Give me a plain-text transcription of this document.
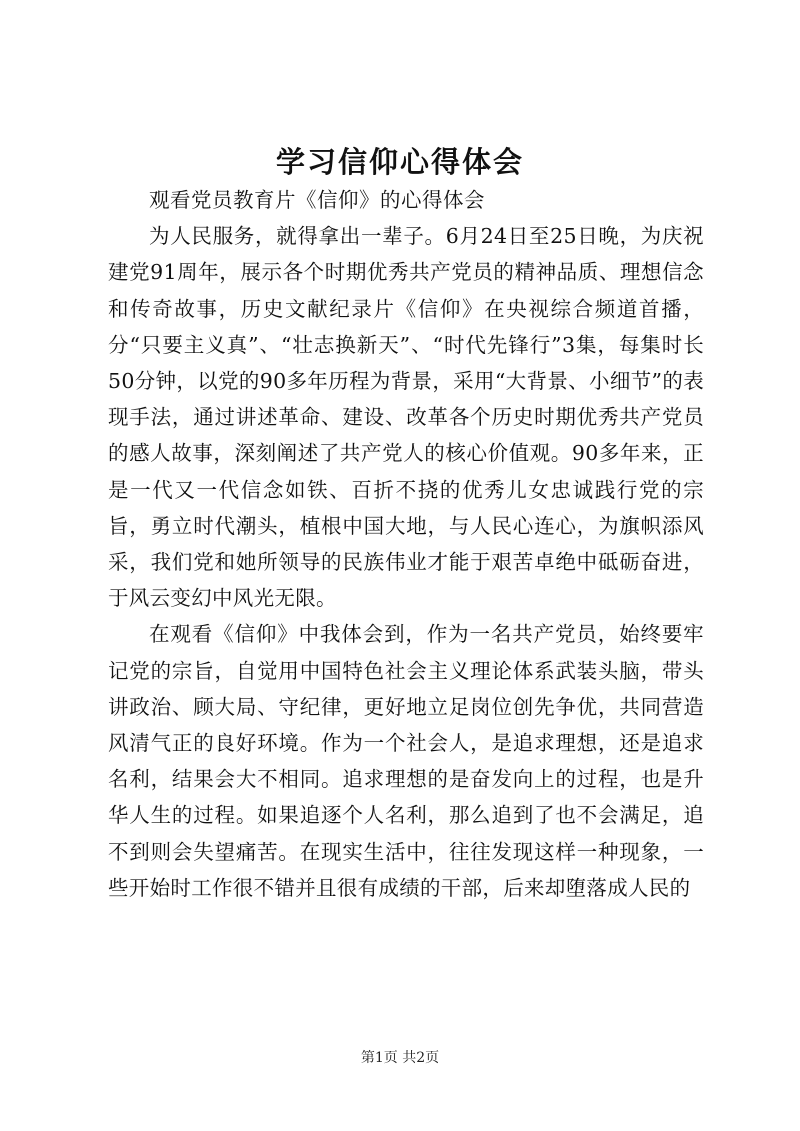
学习信仰心得体会

观看党员教育片《信仰》的心得体会

为人民服务，就得拿出一辈子。6月24日至25日晚，为庆祝建党91周年，展示各个时期优秀共产党员的精神品质、理想信念和传奇故事，历史文献纪录片《信仰》在央视综合频道首播，分“只要主义真”、“壮志换新天”、“时代先锋行”3集，每集时长50分钟，以党的90多年历程为背景，采用“大背景、小细节”的表现手法，通过讲述革命、建设、改革各个历史时期优秀共产党员的感人故事，深刻阐述了共产党人的核心价值观。90多年来，正是一代又一代信念如铁、百折不挠的优秀儿女忠诚践行党的宗旨，勇立时代潮头，植根中国大地，与人民心连心，为旗帜添风采，我们党和她所领导的民族伟业才能于艰苦卓绝中砥砺奋进，于风云变幻中风光无限。

在观看《信仰》中我体会到，作为一名共产党员，始终要牢记党的宗旨，自觉用中国特色社会主义理论体系武装头脑，带头讲政治、顾大局、守纪律，更好地立足岗位创先争优，共同营造风清气正的良好环境。作为一个社会人，是追求理想，还是追求名利，结果会大不相同。追求理想的是奋发向上的过程，也是升华人生的过程。如果追逐个人名利，那么追到了也不会满足，追不到则会失望痛苦。在现实生活中，往往发现这样一种现象，一些开始时工作很不错并且很有成绩的干部，后来却堕落成人民的

第1页 共2页
